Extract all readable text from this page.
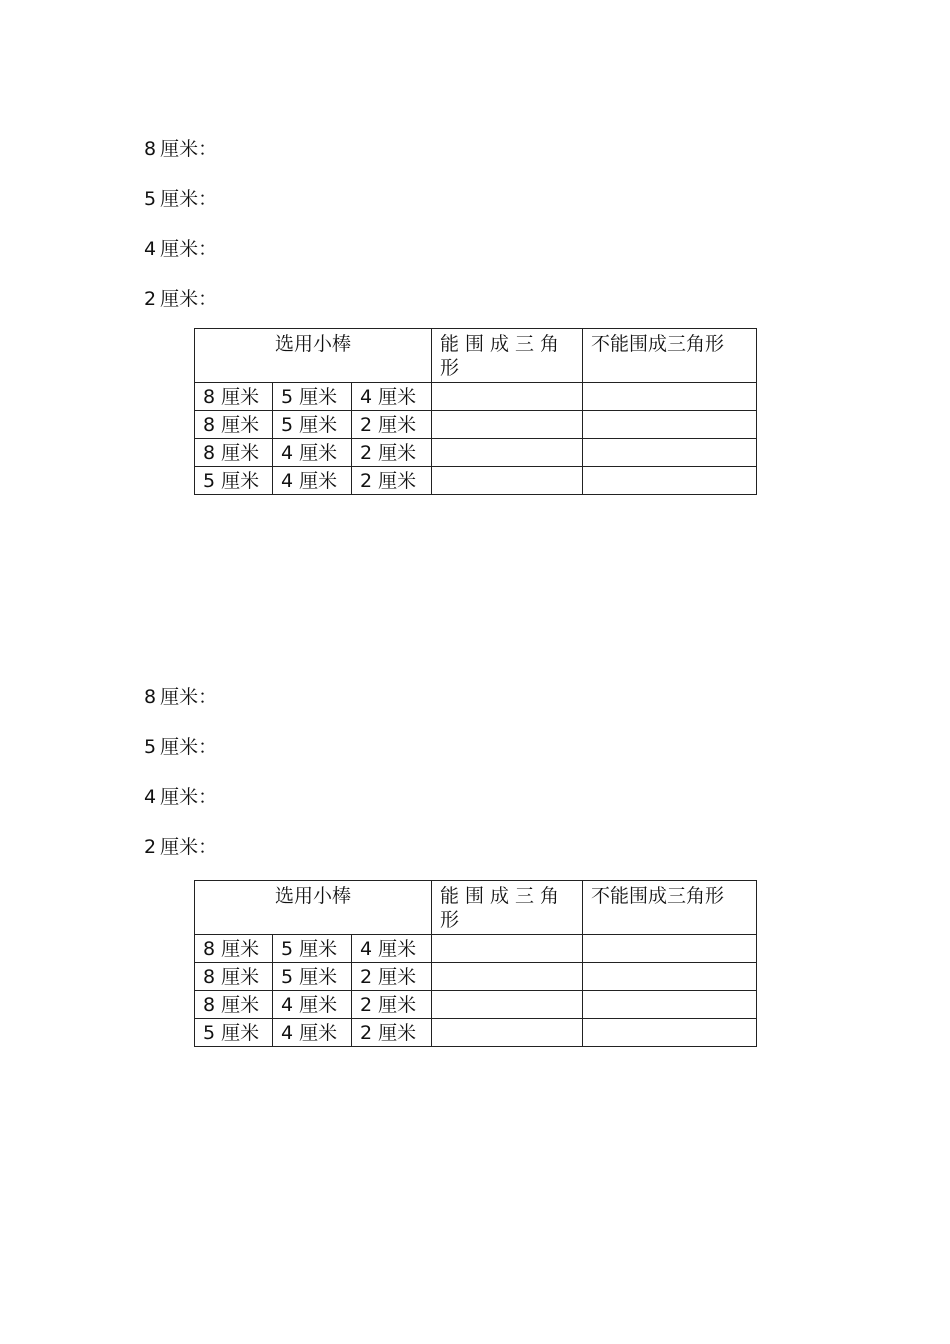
8 厘米：
5 厘米：
4 厘米：
2 厘米：
选用小棒			能围成三角形	不能围成三角形
8 厘米	5 厘米	4 厘米		
8 厘米	5 厘米	2 厘米		
8 厘米	4 厘米	2 厘米		
5 厘米	4 厘米	2 厘米		
8 厘米：
5 厘米：
4 厘米：
2 厘米：
选用小棒			能围成三角形	不能围成三角形
8 厘米	5 厘米	4 厘米		
8 厘米	5 厘米	2 厘米		
8 厘米	4 厘米	2 厘米		
5 厘米	4 厘米	2 厘米		
